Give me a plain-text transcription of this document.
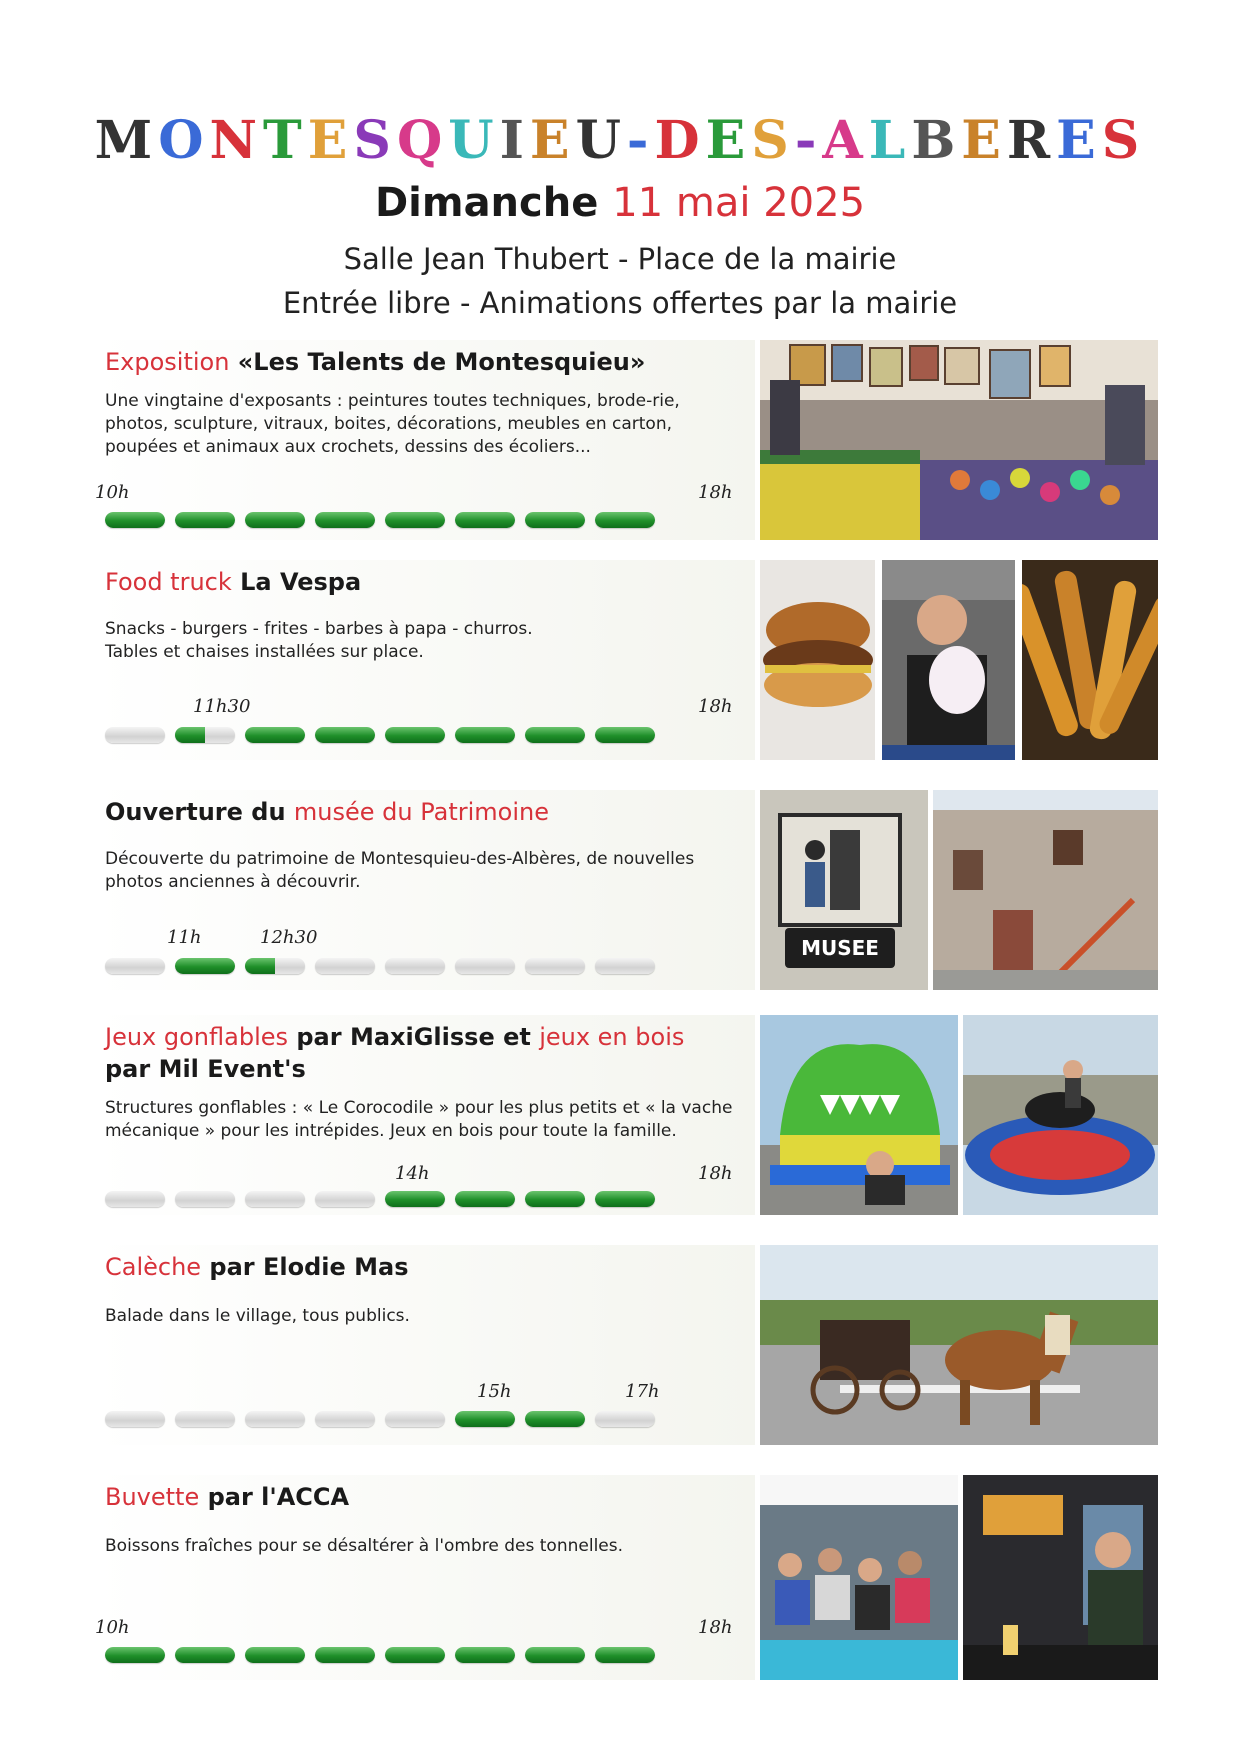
MONTESQUIEU-DES-ALBERES
Dimanche 11 mai 2025
Salle Jean Thubert - Place de la mairie
Entrée libre - Animations offertes par la mairie
Exposition «Les Talents de Montesquieu»
Une vingtaine d'exposants : peintures toutes techniques, brode-rie, photos, sculpture, vitraux, boites, décorations, meubles en carton, poupées et animaux aux crochets, dessins des écoliers...
10h	18h
Food truck La Vespa
Snacks - burgers - frites - barbes à papa - churros.
Tables et chaises installées sur place.
11h30	18h
Ouverture du musée du Patrimoine
Découverte du patrimoine de Montesquieu-des-Albères, de nouvelles photos anciennes à découvrir.
11h	12h30	MUSEE
Jeux gonflables par MaxiGlisse et jeux en bois
par Mil Event's
Structures gonflables : « Le Corocodile » pour les plus petits et « la vache mécanique » pour les intrépides. Jeux en bois pour toute la famille.
14h	18h
Calèche par Elodie Mas
Balade dans le village, tous publics.
15h	17h
Buvette par l'ACCA
Boissons fraîches pour se désaltérer à l'ombre des tonnelles.
10h	18h
